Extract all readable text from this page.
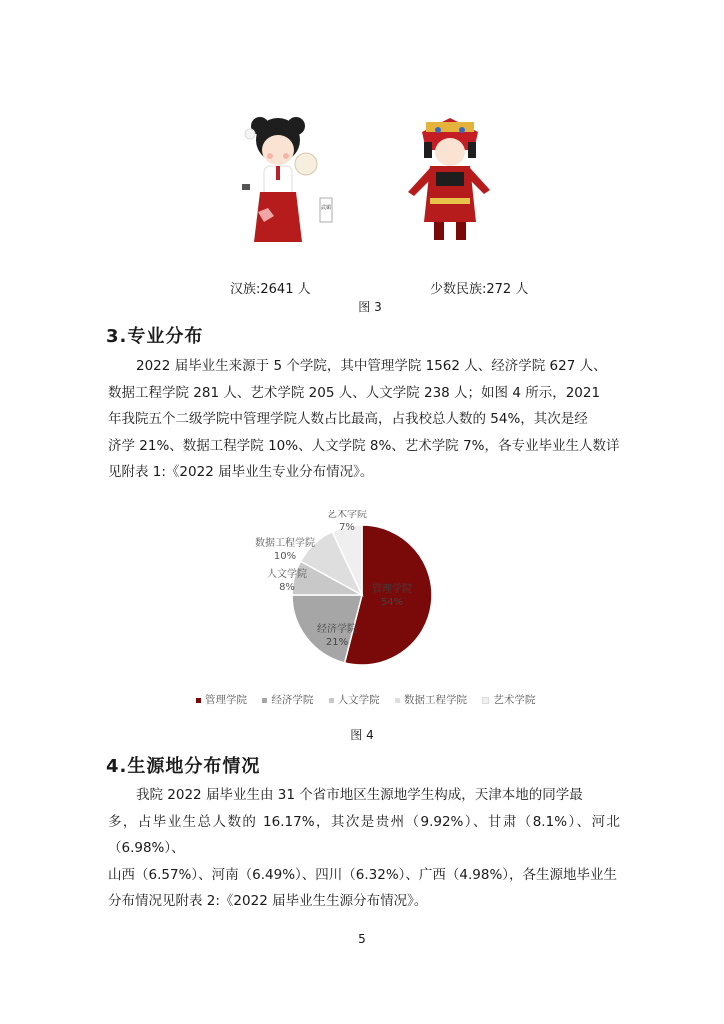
武媚
汉族:2641 人	少数民族:272 人
图 3
3.专业分布

2022 届毕业生来源于 5 个学院，其中管理学院 1562 人、经济学院 627 人、

数据工程学院 281 人、艺术学院 205 人、人文学院 238 人；如图 4 所示，2021

年我院五个二级学院中管理学院人数占比最高，占我校总人数的 54%，其次是经

济学 21%、数据工程学院 10%、人文学院 8%、艺术学院 7%，各专业毕业生人数详

见附表 1:《2022 届毕业生专业分布情况》。

管理学院
54%
经济学院
21%
人文学院
8%
数据工程学院
10%
艺术学院
7%
管理学院 经济学院 人文学院 数据工程学院	艺术学院
图 4
4.生源地分布情况

我院 2022 届毕业生由 31 个省市地区生源地学生构成，天津本地的同学最

多，占毕业生总人数的 16.17%，其次是贵州（9.92%）、甘肃（8.1%）、河北（6.98%）、

山西（6.57%）、河南（6.49%）、四川（6.32%）、广西（4.98%），各生源地毕业生

分布情况见附表 2:《2022 届毕业生生源分布情况》。

5
